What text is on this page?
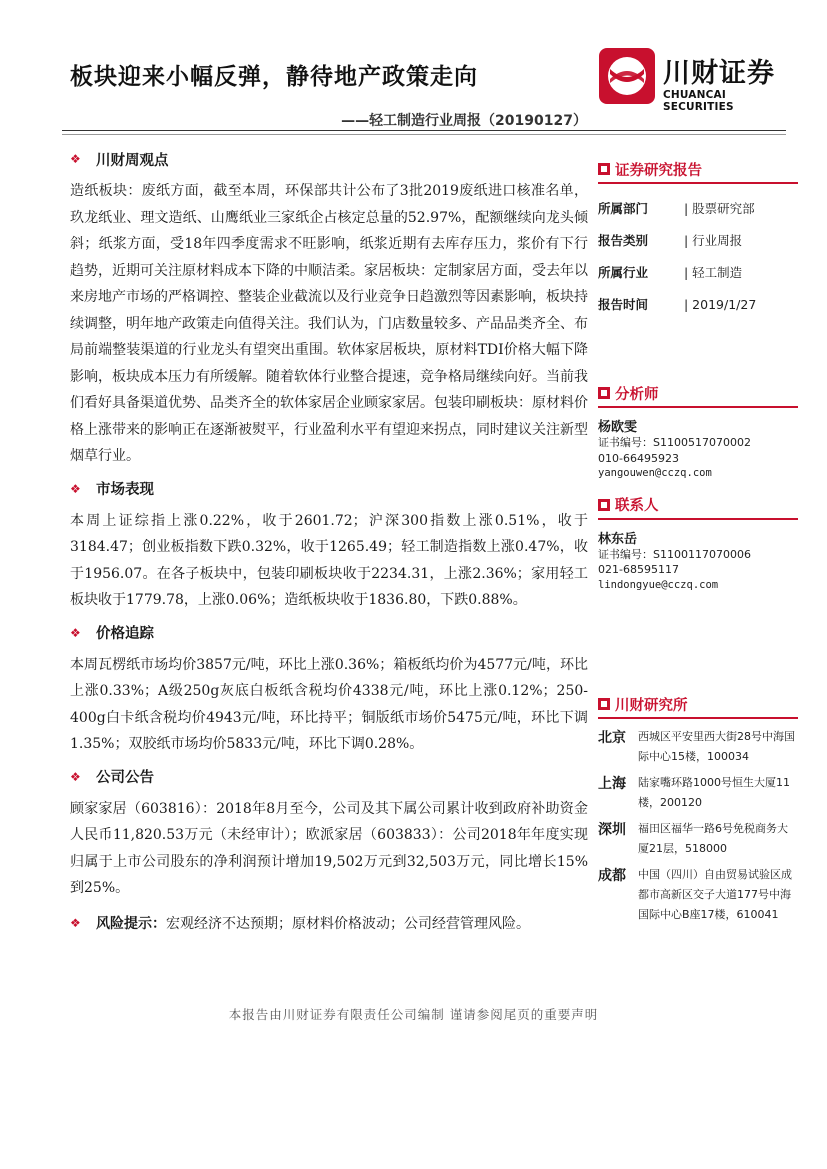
板块迎来小幅反弹，静待地产政策走向
——轻工制造行业周报（20190127）
川财证券
CHUANCAI SECURITIES
❖	川财周观点

造纸板块：废纸方面，截至本周，环保部共计公布了3批2019废纸进口核准名单，玖龙纸业、理文造纸、山鹰纸业三家纸企占核定总量的52.97%，配额继续向龙头倾斜；纸浆方面，受18年四季度需求不旺影响，纸浆近期有去库存压力，浆价有下行趋势，近期可关注原材料成本下降的中顺洁柔。家居板块：定制家居方面，受去年以来房地产市场的严格调控、整装企业截流以及行业竞争日趋激烈等因素影响，板块持续调整，明年地产政策走向值得关注。我们认为，门店数量较多、产品品类齐全、布局前端整装渠道的行业龙头有望突出重围。软体家居板块，原材料TDI价格大幅下降影响，板块成本压力有所缓解。随着软体行业整合提速，竞争格局继续向好。当前我们看好具备渠道优势、品类齐全的软体家居企业顾家家居。包装印刷板块：原材料价格上涨带来的影响正在逐渐被熨平，行业盈利水平有望迎来拐点，同时建议关注新型烟草行业。

❖	市场表现

本周上证综指上涨0.22%，收于2601.72；沪深300指数上涨0.51%，收于3184.47；创业板指数下跌0.32%，收于1265.49；轻工制造指数上涨0.47%，收于1956.07。在各子板块中，包装印刷板块收于2234.31，上涨2.36%；家用轻工板块收于1779.78，上涨0.06%；造纸板块收于1836.80，下跌0.88%。

❖	价格追踪

本周瓦楞纸市场均价3857元/吨，环比上涨0.36%；箱板纸均价为4577元/吨，环比上涨0.33%；A级250g灰底白板纸含税均价4338元/吨，环比上涨0.12%；250-400g白卡纸含税均价4943元/吨，环比持平；铜版纸市场价5475元/吨，环比下调1.35%；双胶纸市场均价5833元/吨，环比下调0.28%。

❖	公司公告

顾家家居（603816）：2018年8月至今，公司及其下属公司累计收到政府补助资金人民币11,820.53万元（未经审计）；欧派家居（603833）：公司2018年年度实现归属于上市公司股东的净利润预计增加19,502万元到32,503万元，同比增长15%到25%。

❖	风险提示： 宏观经济不达预期；原材料价格波动；公司经营管理风险。
证券研究报告
所属部门	| 股票研究部
报告类别	| 行业周报
所属行业	| 轻工制造
报告时间	| 2019/1/27
分析师
杨欧雯
证书编号：S1100517070002
010-66495923
yangouwen@cczq.com
联系人
林东岳
证书编号：S1100117070006
021-68595117
lindongyue@cczq.com
川财研究所
北京	西城区平安里西大街28号中海国际中心15楼，100034
上海	陆家嘴环路1000号恒生大厦11楼，200120
深圳	福田区福华一路6号免税商务大厦21层，518000
成都	中国（四川）自由贸易试验区成都市高新区交子大道177号中海国际中心B座17楼，610041
本报告由川财证券有限责任公司编制 谨请参阅尾页的重要声明
